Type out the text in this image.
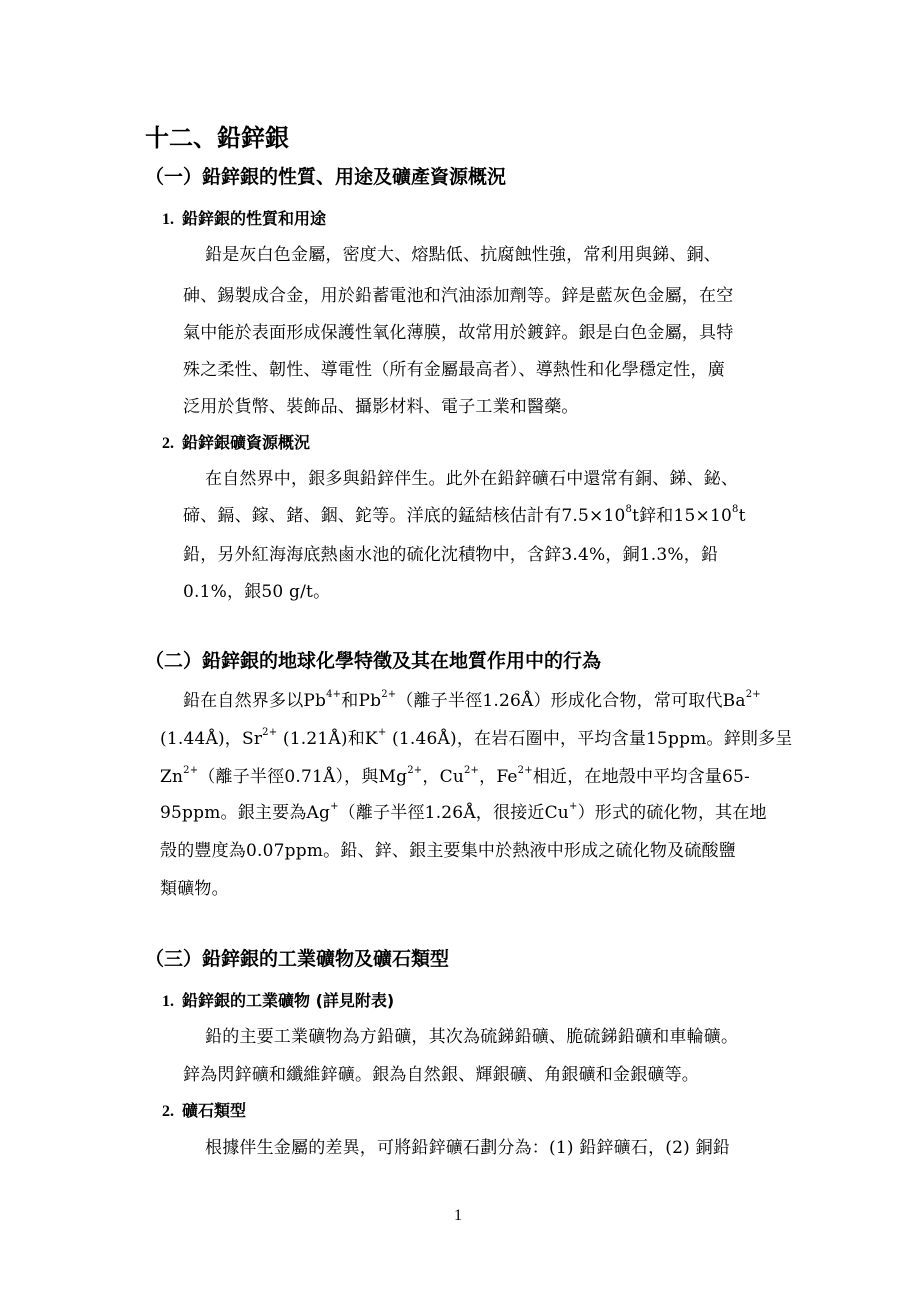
十二、鉛鋅銀
（一）鉛鋅銀的性質、用途及礦產資源概況
1. 鉛鋅銀的性質和用途
鉛是灰白色金屬，密度大、熔點低、抗腐蝕性強，常利用與銻、銅、
砷、錫製成合金，用於鉛蓄電池和汽油添加劑等。鋅是藍灰色金屬，在空
氣中能於表面形成保護性氧化薄膜，故常用於鍍鋅。銀是白色金屬，具特
殊之柔性、韌性、導電性（所有金屬最高者）、導熱性和化學穩定性，廣
泛用於貨幣、裝飾品、攝影材料、電子工業和醫藥。
2. 鉛鋅銀礦資源概況
在自然界中，銀多與鉛鋅伴生。此外在鉛鋅礦石中還常有銅、銻、鉍、
碲、鎘、鎵、鍺、銦、鉈等。洋底的錳結核估計有$7.5\times 10^8t$鋅和$15\times 10^8t$
鉛，另外紅海海底熱鹵水池的硫化沈積物中，含鋅3.4%，銅1.3%，鉛
0.1%，銀50 g/t。
（二）鉛鋅銀的地球化學特徵及其在地質作用中的行為
鉛在自然界多以$Pb^{4+}$和$Pb^{2+}$（離子半徑1.26Å）形成化合物，常可取代$Ba^{2+}$
(1.44Å)，$Sr^{2+}$ (1.21Å)和K+ (1.46Å)，在岩石圈中，平均含量15ppm。鋅則多呈
$Zn^{2+}$（離子半徑0.71Å），與$Mg^{2+}$，$Cu^{2+}$，$Fe^{2+}$相近，在地殼中平均含量65-
95ppm。銀主要為Ag+（離子半徑1.26Å，很接近Cu+）形式的硫化物，其在地
殼的豐度為0.07ppm。鉛、鋅、銀主要集中於熱液中形成之硫化物及硫酸鹽
類礦物。
（三）鉛鋅銀的工業礦物及礦石類型
1. 鉛鋅銀的工業礦物 (詳見附表)
鉛的主要工業礦物為方鉛礦，其次為硫銻鉛礦、脆硫銻鉛礦和車輪礦。
鋅為閃鋅礦和纖維鋅礦。銀為自然銀、輝銀礦、角銀礦和金銀礦等。
2. 礦石類型
根據伴生金屬的差異，可將鉛鋅礦石劃分為：(1) 鉛鋅礦石，(2) 銅鉛
1
